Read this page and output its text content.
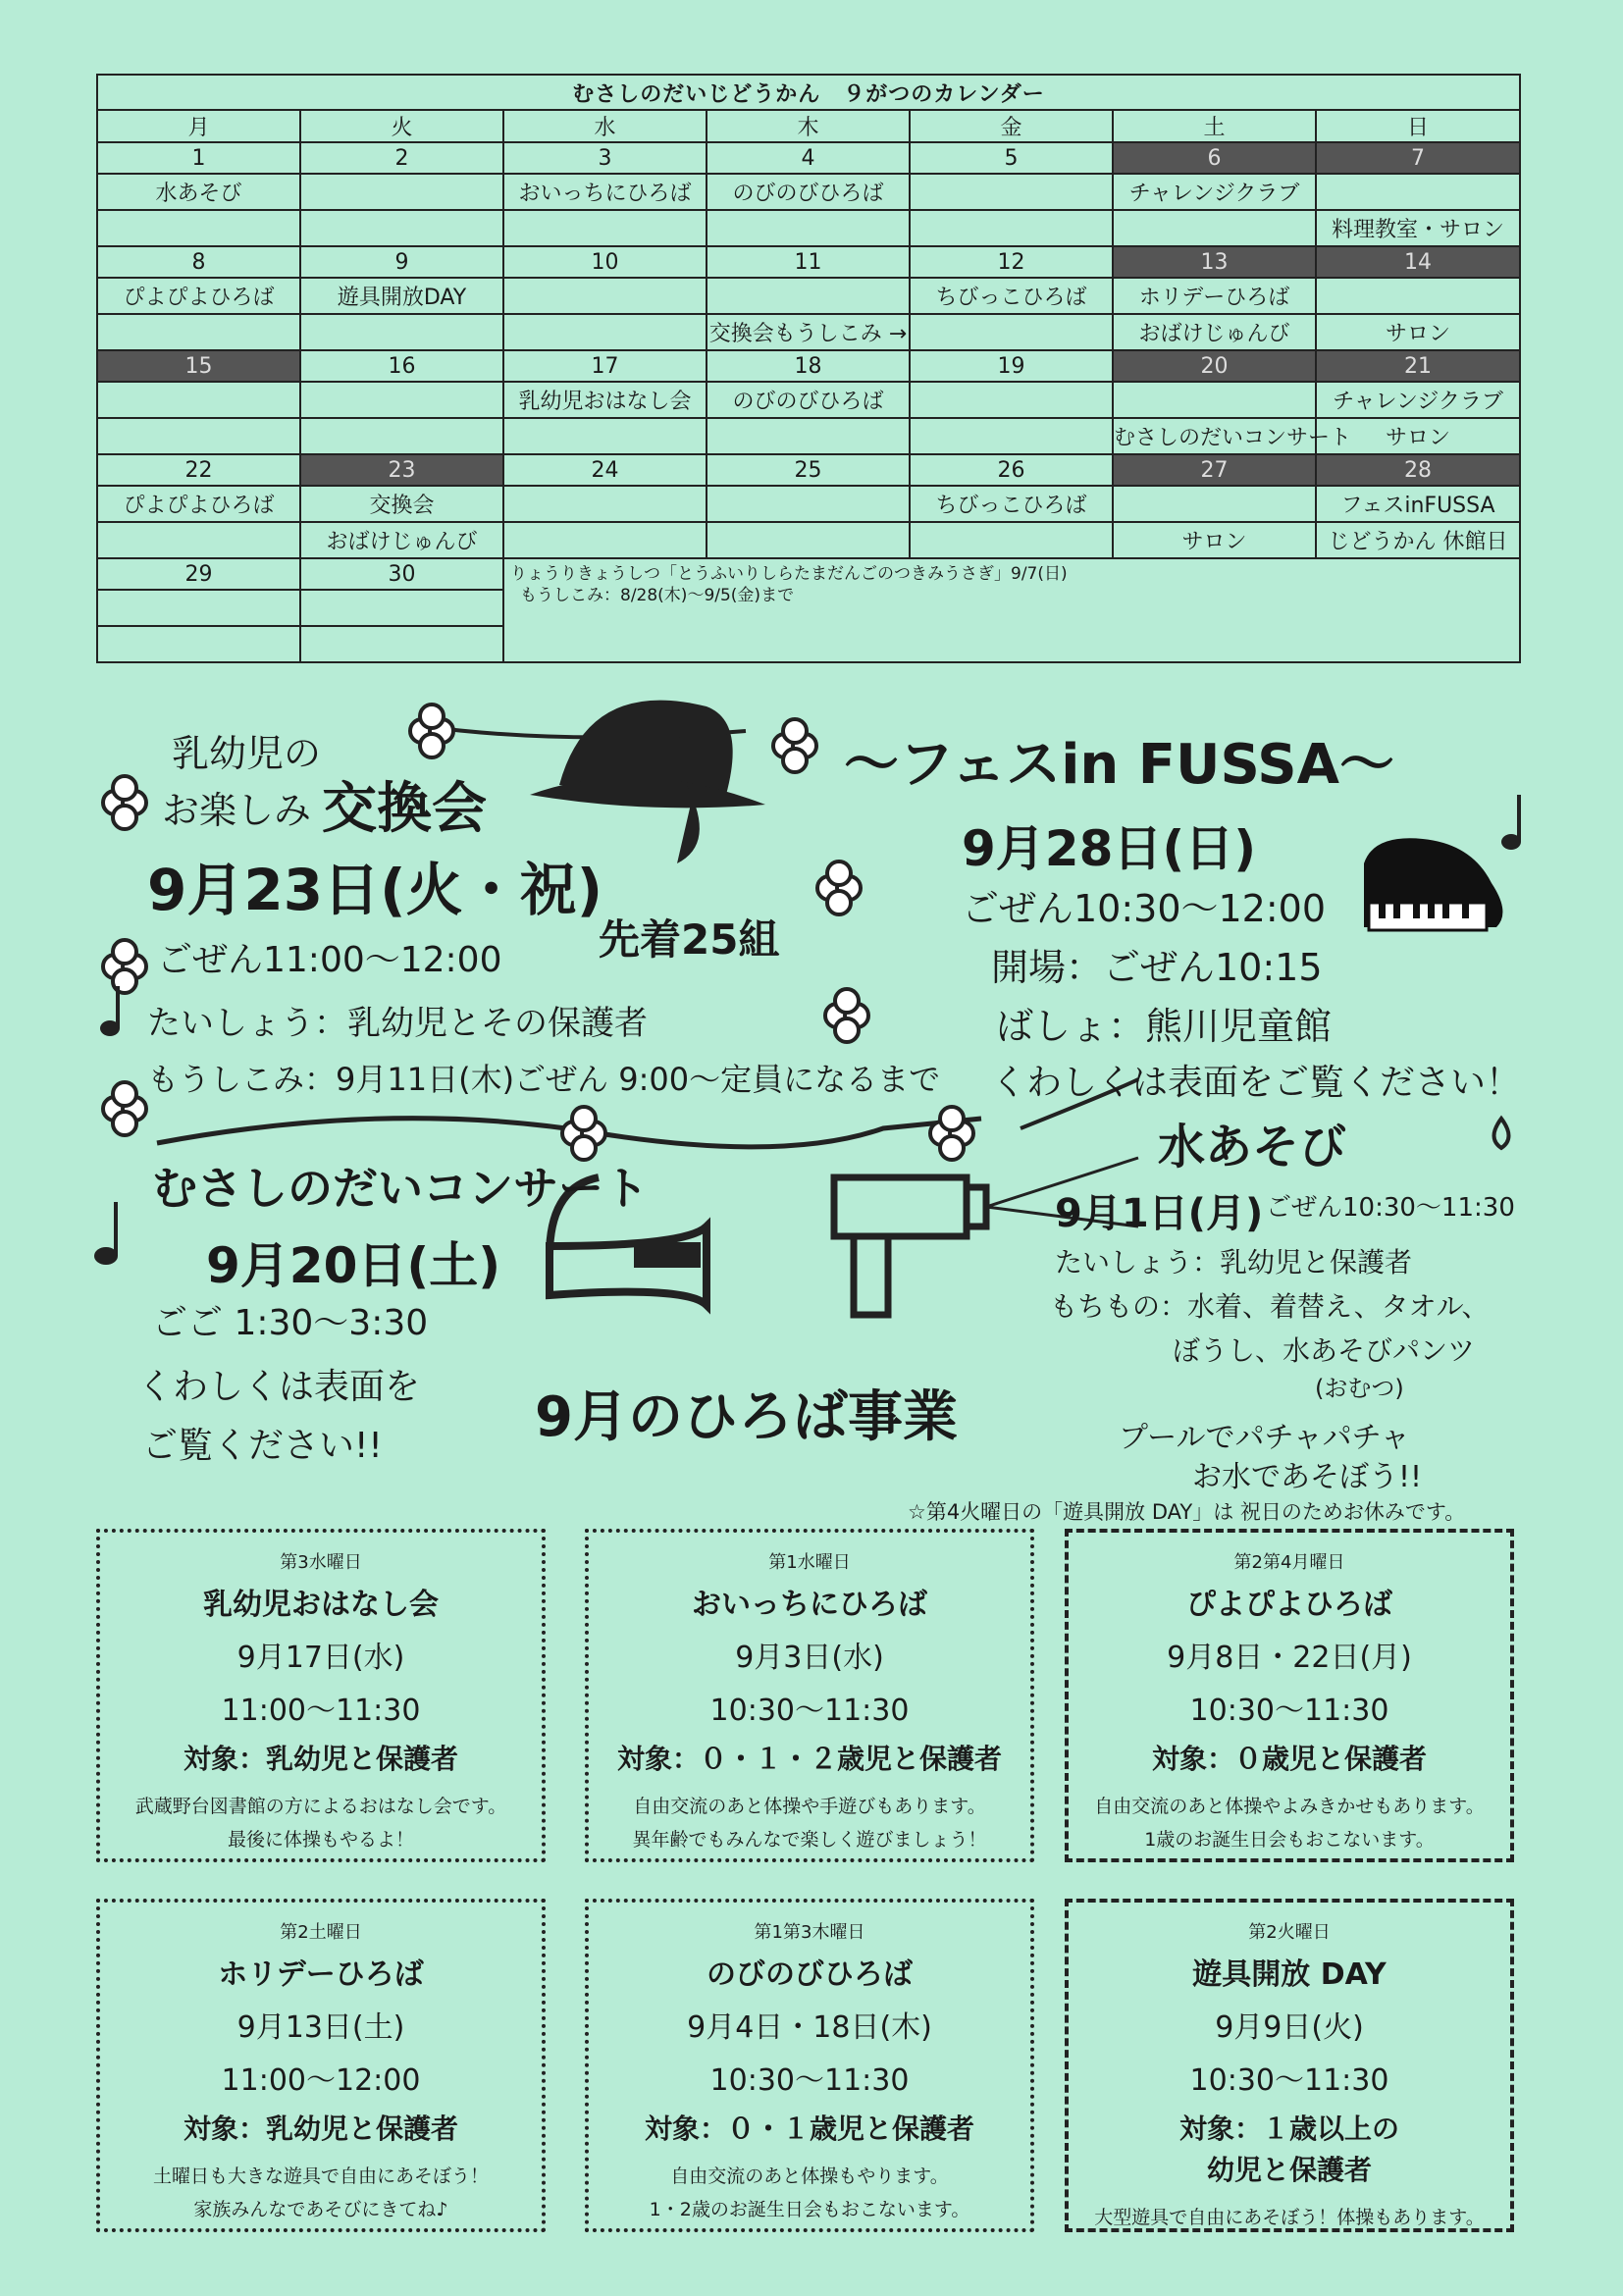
むさしのだいじどうかん　９がつのカレンダー						
月	火	水	木	金	土	日
1	2	3	4	5	6	7
水あそび		おいっちにひろば	のびのびひろば		チャレンジクラブ	
						料理教室・サロン
8	9	10	11	12	13	14
ぴよぴよひろば	遊具開放DAY			ちびっこひろば	ホリデーひろば	
			交換会もうしこみ →		おばけじゅんび	サロン
15	16	17	18	19	20	21
		乳幼児おはなし会	のびのびひろば			チャレンジクラブ
					むさしのだいコンサート	サロン
22	23	24	25	26	27	28
ぴよぴよひろば	交換会			ちびっこひろば		フェスinFUSSA
	おばけじゅんび				サロン	じどうかん 休館日
29	30	りょうりきょうしつ「とうふいりしらたまだんごのつきみうさぎ」9/7(日)
もうしこみ：8/28(木)～9/5(金)まで				

乳幼児の
お楽しみ 交換会
9月23日(火・祝)
先着25組
ごぜん11:00～12:00
たいしょう：乳幼児とその保護者
もうしこみ：9月11日(木)ごぜん 9:00～定員になるまで
～フェスin FUSSA～
9月28日(日)
ごぜん10:30～12:00
開場：ごぜん10:15
ばしょ：熊川児童館
くわしくは表面をご覧ください！
むさしのだいコンサート
9月20日(土)
ごご 1:30～3:30
くわしくは表面を
ご覧ください!!
水あそび
9月1日(月) ごぜん10:30～11:30
たいしょう：乳幼児と保護者
もちもの：水着、着替え、タオル、
ぼうし、水あそびパンツ
(おむつ)
プールでパチャパチャ
お水であそぼう!!
9月のひろば事業
☆第4火曜日の「遊具開放 DAY」は 祝日のためお休みです。
第3水曜日
乳幼児おはなし会
9月17日(水)
11:00～11:30
対象：乳幼児と保護者
武蔵野台図書館の方によるおはなし会です。
最後に体操もやるよ！
第1水曜日
おいっちにひろば
9月3日(水)
10:30～11:30
対象：０・１・２歳児と保護者
自由交流のあと体操や手遊びもあります。
異年齢でもみんなで楽しく遊びましょう！
第2第4月曜日
ぴよぴよひろば
9月8日・22日(月)
10:30～11:30
対象：０歳児と保護者
自由交流のあと体操やよみきかせもあります。
1歳のお誕生日会もおこないます。
第2土曜日
ホリデーひろば
9月13日(土)
11:00～12:00
対象：乳幼児と保護者
土曜日も大きな遊具で自由にあそぼう！
家族みんなであそびにきてね♪
第1第3木曜日
のびのびひろば
9月4日・18日(木)
10:30～11:30
対象：０・１歳児と保護者
自由交流のあと体操もやります。
1・2歳のお誕生日会もおこないます。
第2火曜日
遊具開放 DAY
9月9日(火)
10:30～11:30
対象：１歳以上の
幼児と保護者
大型遊具で自由にあそぼう！体操もあります。
